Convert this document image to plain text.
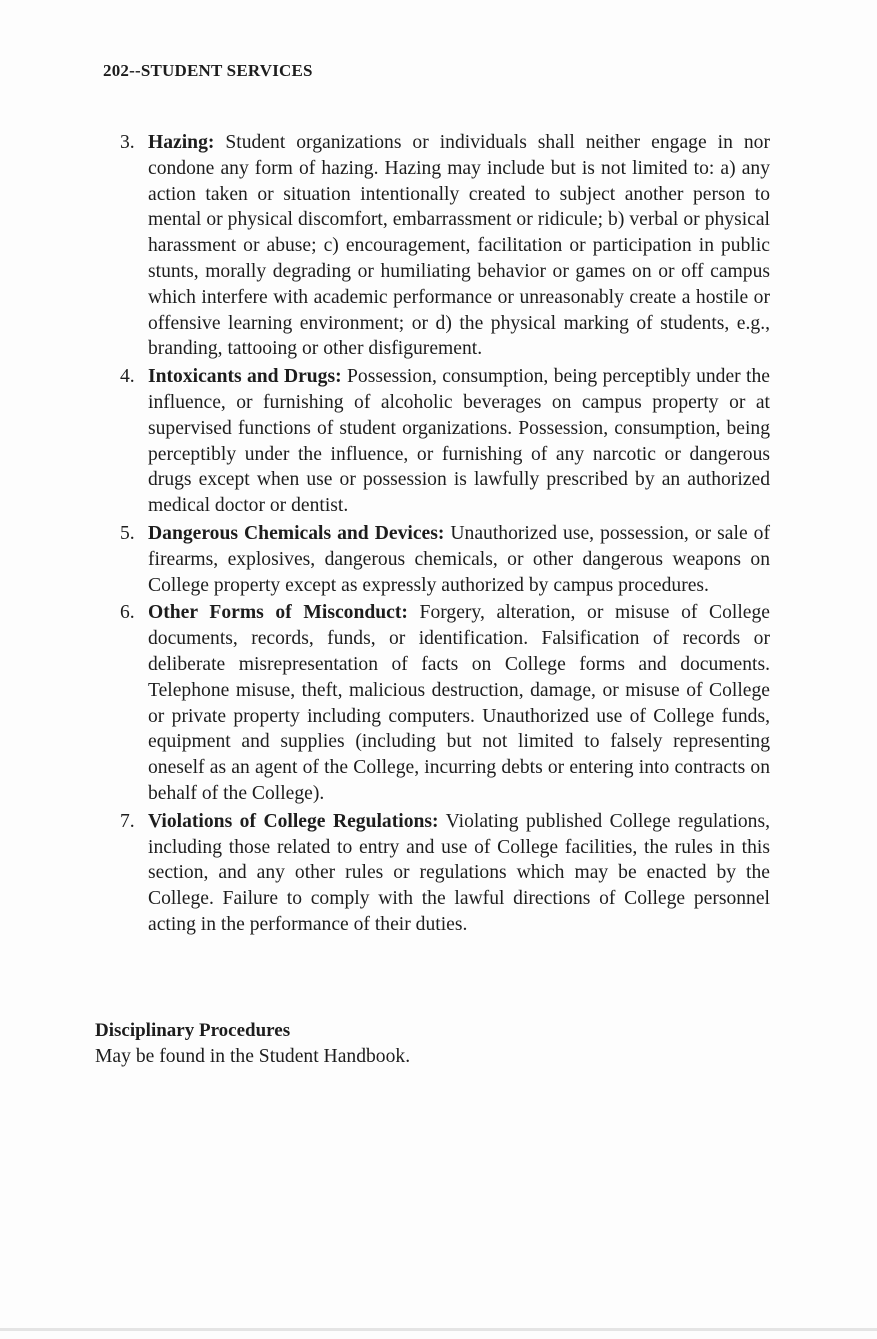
202--STUDENT SERVICES

3. Hazing: Student organizations or individuals shall neither engage in nor condone any form of hazing. Hazing may include but is not limited to: a) any action taken or situation intentionally created to subject another person to mental or physical discomfort, embarrassment or ridicule; b) verbal or physical harassment or abuse; c) encouragement, facilitation or participation in public stunts, morally degrading or humiliating behavior or games on or off campus which interfere with academic performance or unreasonably create a hostile or offensive learning environment; or d) the physical marking of students, e.g., branding, tattooing or other disfigurement.
4. Intoxicants and Drugs: Possession, consumption, being perceptibly under the influence, or furnishing of alcoholic beverages on campus property or at supervised functions of student organizations. Possession, consumption, being perceptibly under the influence, or furnishing of any narcotic or dangerous drugs except when use or possession is lawfully prescribed by an authorized medical doctor or dentist.
5. Dangerous Chemicals and Devices: Unauthorized use, possession, or sale of firearms, explosives, dangerous chemicals, or other dangerous weapons on College property except as expressly authorized by campus procedures.
6. Other Forms of Misconduct: Forgery, alteration, or misuse of College documents, records, funds, or identification. Falsification of records or deliberate misrepresentation of facts on College forms and documents. Telephone misuse, theft, malicious destruction, damage, or misuse of College or private property including computers. Unauthorized use of College funds, equipment and supplies (including but not limited to falsely representing oneself as an agent of the College, incurring debts or entering into contracts on behalf of the College).
7. Violations of College Regulations: Violating published College regulations, including those related to entry and use of College facilities, the rules in this section, and any other rules or regulations which may be enacted by the College. Failure to comply with the lawful directions of College personnel acting in the performance of their duties.

Disciplinary Procedures

May be found in the Student Handbook.
